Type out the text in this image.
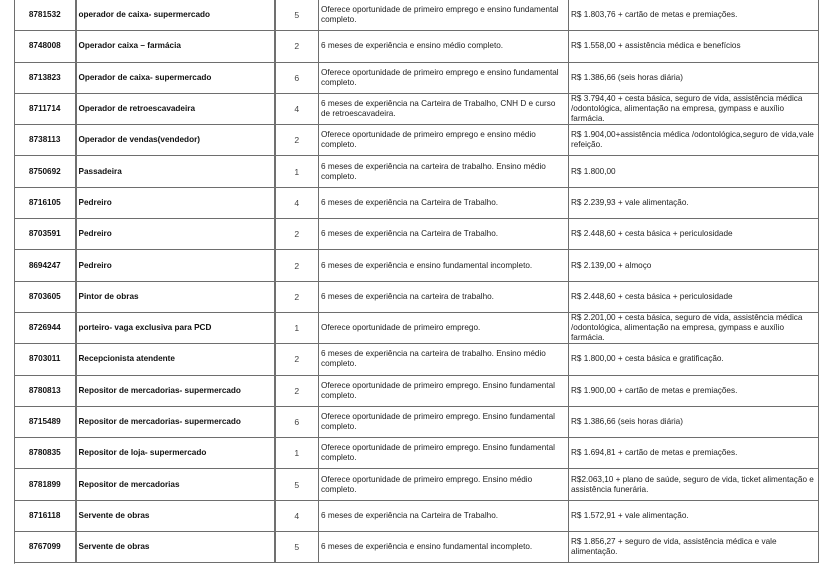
8781532	operador de caixa- supermercado	5	Oferece oportunidade de primeiro emprego e ensino fundamental completo.	R$ 1.803,76 + cartão de metas e premiações.
8748008	Operador caixa – farmácia	2	6 meses de experiência e ensino médio completo.	R$ 1.558,00 + assistência médica e benefícios
8713823	Operador de caixa- supermercado	6	Oferece oportunidade de primeiro emprego e ensino fundamental completo.	R$ 1.386,66 (seis horas diária)
8711714	Operador de retroescavadeira	4	6 meses de experiência na Carteira de Trabalho, CNH D e curso de retroescavadeira.	R$ 3.794,40 + cesta básica, seguro de vida, assistência médica /odontológica, alimentação na empresa, gympass e auxílio farmácia.
8738113	Operador de vendas(vendedor)	2	Oferece oportunidade de primeiro emprego e ensino médio completo.	R$ 1.904,00+assistência médica /odontológica,seguro de vida,vale refeição.
8750692	Passadeira	1	6 meses de experiência na carteira de trabalho. Ensino médio completo.	R$ 1.800,00
8716105	Pedreiro	4	6 meses de experiência na Carteira de Trabalho.	R$ 2.239,93 + vale alimentação.
8703591	Pedreiro	2	6 meses de experiência na Carteira de Trabalho.	R$ 2.448,60 + cesta básica + periculosidade
8694247	Pedreiro	2	6 meses de experiência e ensino fundamental incompleto.	R$ 2.139,00 + almoço
8703605	Pintor de obras	2	6 meses de experiência na carteira de trabalho.	R$ 2.448,60 + cesta básica + periculosidade
8726944	porteiro- vaga exclusiva para PCD	1	Oferece oportunidade de primeiro emprego.	R$ 2.201,00 + cesta básica, seguro de vida, assistência médica /odontológica, alimentação na empresa, gympass e auxílio farmácia.
8703011	Recepcionista atendente	2	6 meses de experiência na carteira de trabalho. Ensino médio completo.	R$ 1.800,00 + cesta básica e gratificação.
8780813	Repositor de mercadorias- supermercado	2	Oferece oportunidade de primeiro emprego. Ensino fundamental completo.	R$ 1.900,00 + cartão de metas e premiações.
8715489	Repositor de mercadorias- supermercado	6	Oferece oportunidade de primeiro emprego. Ensino fundamental completo.	R$ 1.386,66 (seis horas diária)
8780835	Repositor de loja- supermercado	1	Oferece oportunidade de primeiro emprego. Ensino fundamental completo.	R$ 1.694,81 + cartão de metas e premiações.
8781899	Repositor de mercadorias	5	Oferece oportunidade de primeiro emprego. Ensino médio completo.	R$2.063,10 + plano de saúde, seguro de vida, ticket alimentação e assistência funerária.
8716118	Servente de obras	4	6 meses de experiência na Carteira de Trabalho.	R$ 1.572,91 + vale alimentação.
8767099	Servente de obras	5	6 meses de experiência e ensino fundamental incompleto.	R$ 1.856,27 + seguro de vida, assistência médica e vale alimentação.
